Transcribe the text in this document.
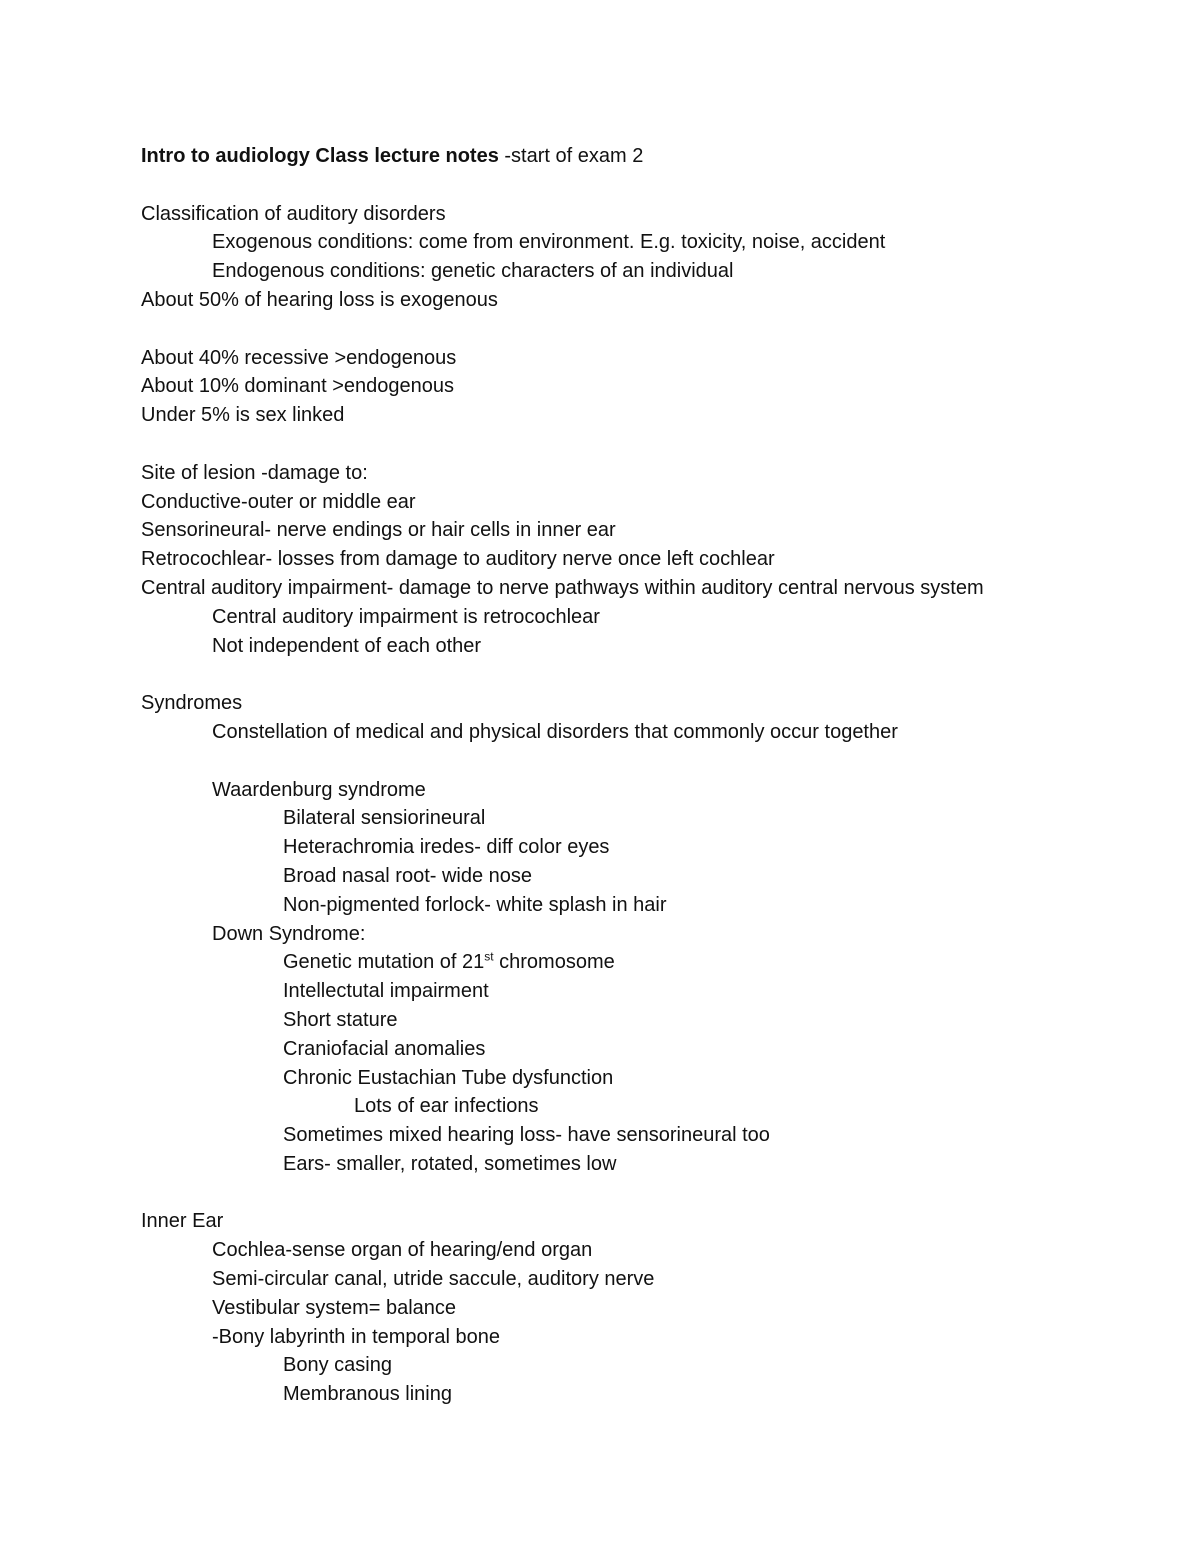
Intro to audiology Class lecture notes -start of exam 2
Classification of auditory disorders
Exogenous conditions: come from environment. E.g. toxicity, noise, accident
Endogenous conditions: genetic characters of an individual
About 50% of hearing loss is exogenous
About 40% recessive >endogenous
About 10% dominant >endogenous
Under 5% is sex linked
Site of lesion -damage to:
Conductive-outer or middle ear
Sensorineural- nerve endings or hair cells in inner ear
Retrocochlear- losses from damage to auditory nerve once left cochlear
Central auditory impairment- damage to nerve pathways within auditory central nervous system
Central auditory impairment is retrocochlear
Not independent of each other
Syndromes
Constellation of medical and physical disorders that commonly occur together
Waardenburg syndrome
Bilateral sensiorineural
Heterachromia iredes- diff color eyes
Broad nasal root- wide nose
Non-pigmented forlock- white splash in hair
Down Syndrome:
Genetic mutation of 21st chromosome
Intellectutal impairment
Short stature
Craniofacial anomalies
Chronic Eustachian Tube dysfunction
Lots of ear infections
Sometimes mixed hearing loss- have sensorineural too
Ears- smaller, rotated, sometimes low
Inner Ear
Cochlea-sense organ of hearing/end organ
Semi-circular canal, utride saccule, auditory nerve
Vestibular system= balance
-Bony labyrinth in temporal bone
Bony casing
Membranous lining
